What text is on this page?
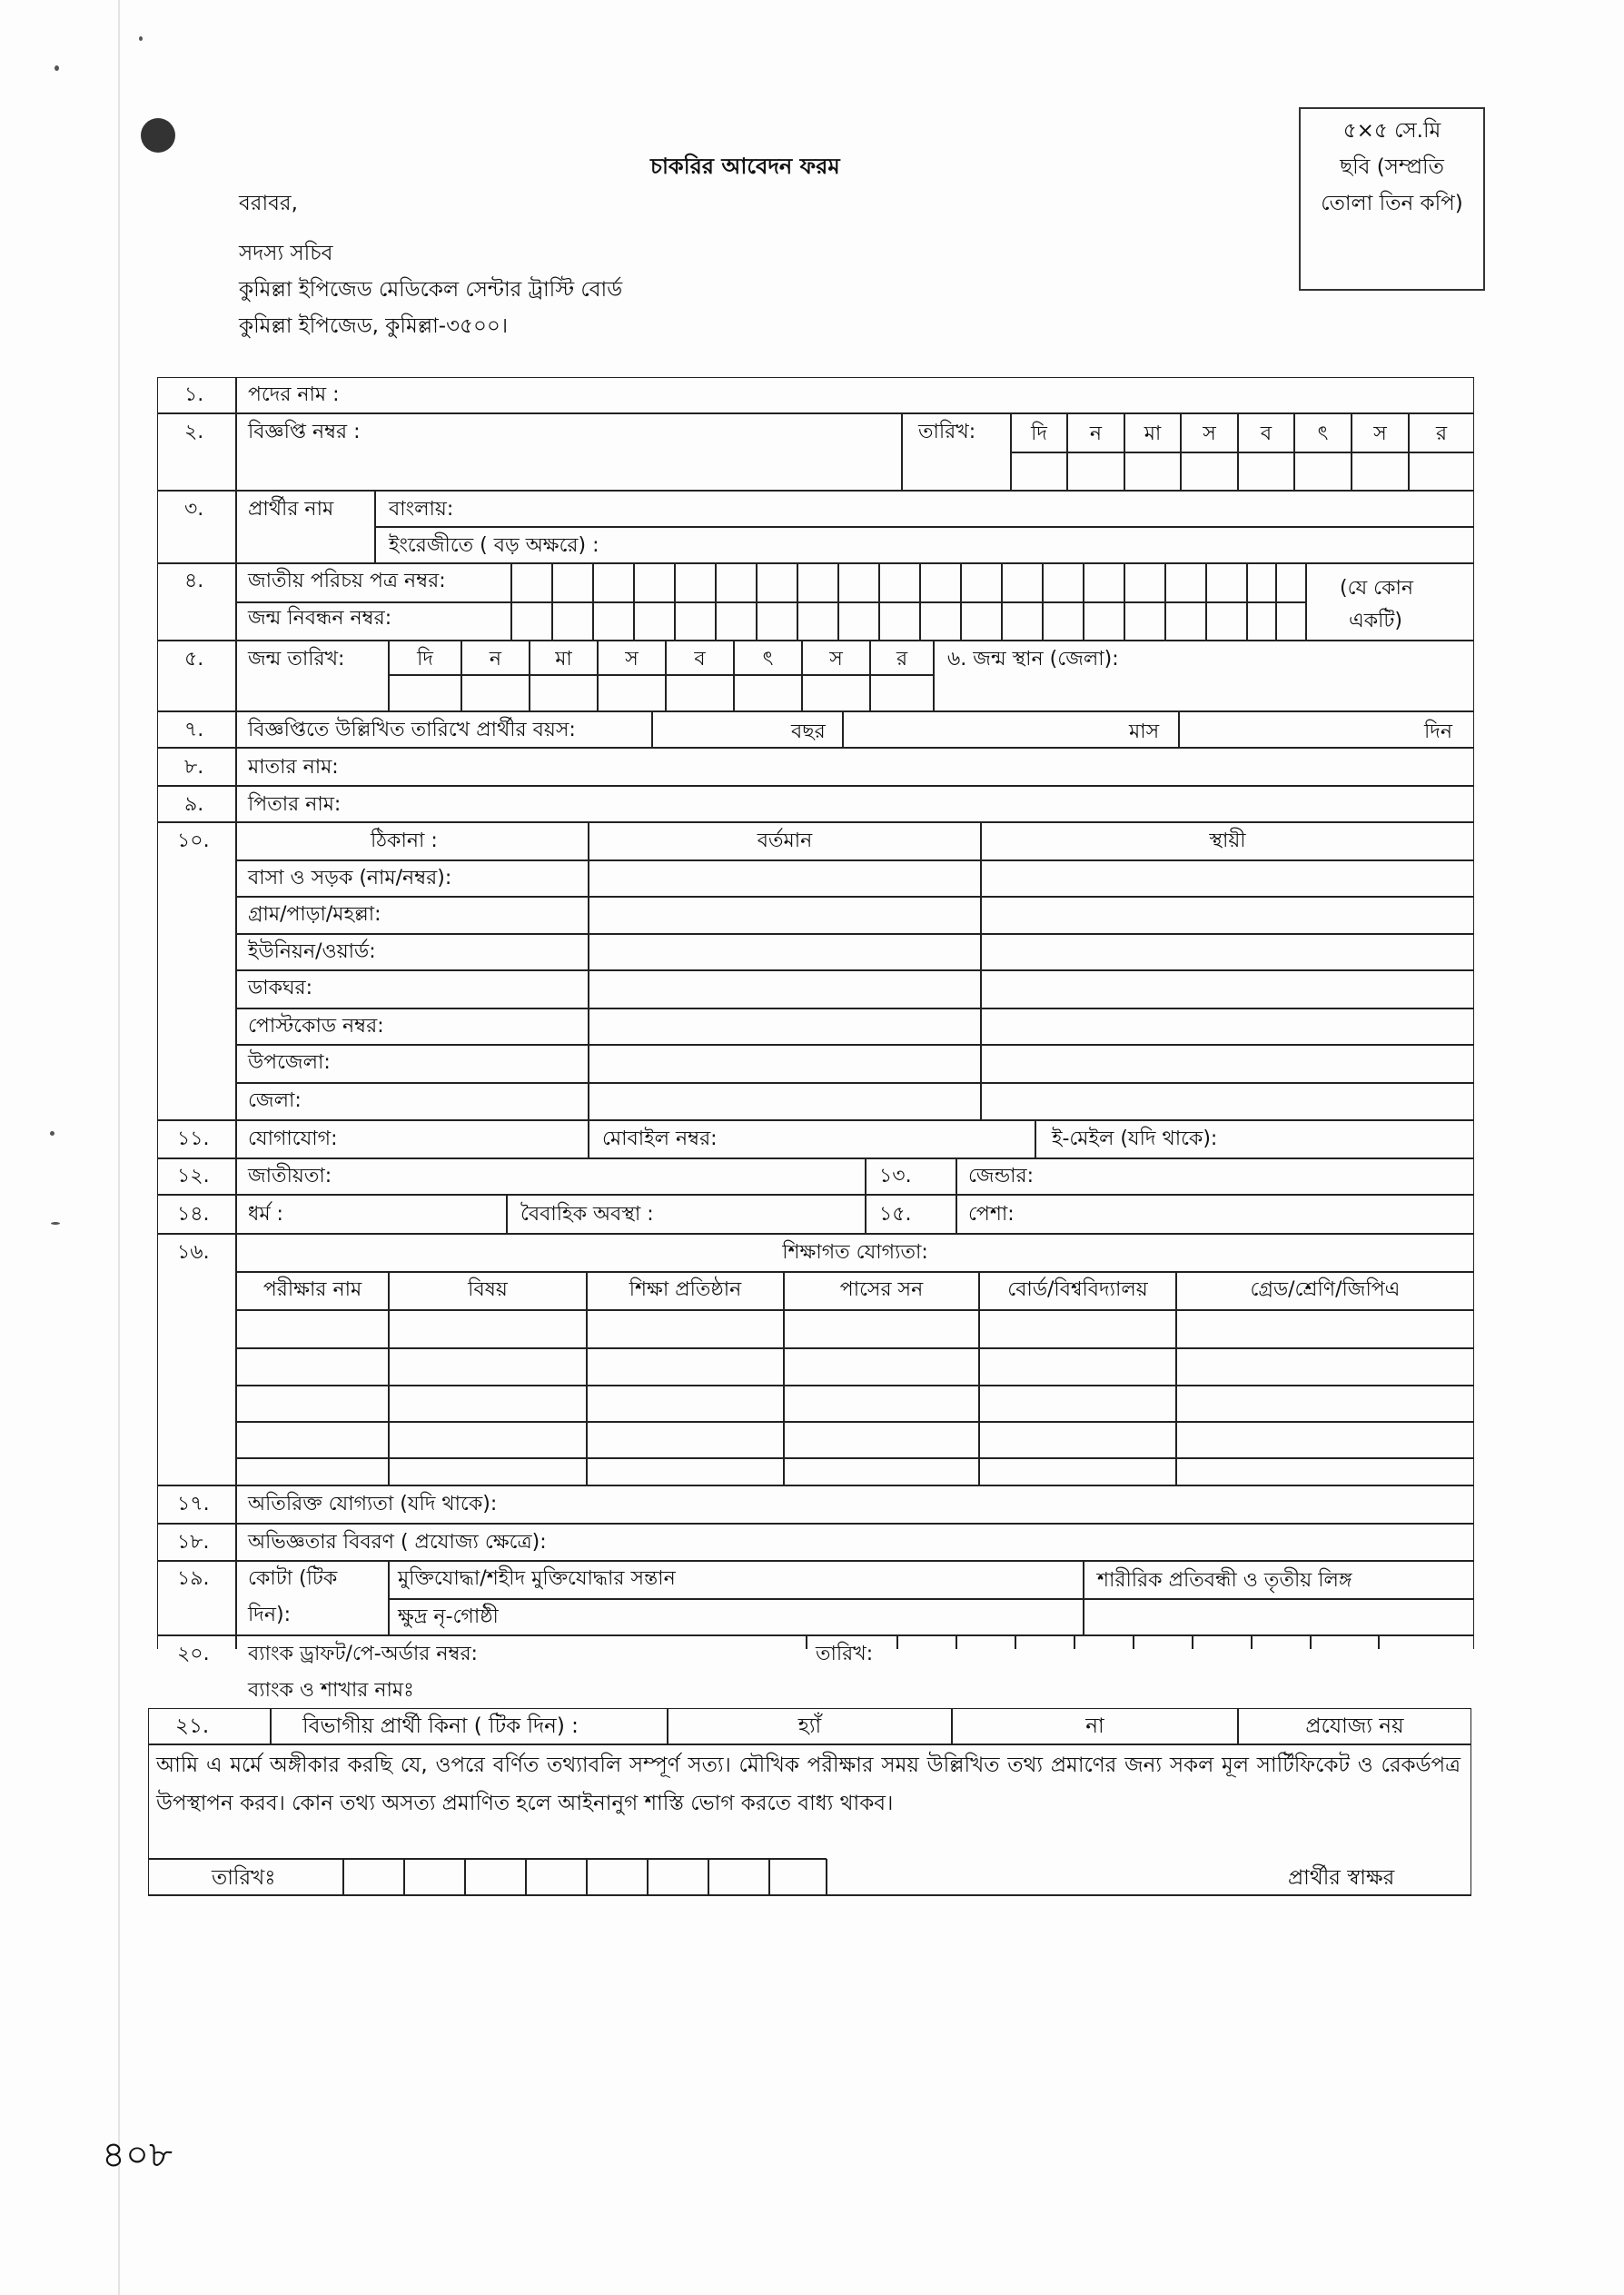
চাকরির আবেদন ফরম
বরাবর,
সদস্য সচিব
কুমিল্লা ইপিজেড মেডিকেল সেন্টার ট্রাস্টি বোর্ড
কুমিল্লা ইপিজেড, কুমিল্লা-৩৫০০।
৫×৫ সে.মি
ছবি (সম্প্রতি
তোলা তিন কপি)
১. পদের নাম :
২. বিজ্ঞপ্তি নম্বর :	তারিখ:	দি	ন	মা	স	ব	ৎ	স	র
৩. প্রার্থীর নাম	বাংলায়:
ইংরেজীতে ( বড় অক্ষরে) :
৪. জাতীয় পরিচয় পত্র নম্বর:
জন্ম নিবন্ধন নম্বর:
(যে কোন
একটি)
৫. জন্ম তারিখ:	দি	ন	মা	স	ব	ৎ	স	র	৬. জন্ম স্থান (জেলা):
৭. বিজ্ঞপ্তিতে উল্লিখিত তারিখে প্রার্থীর বয়স:	বছর	মাস	দিন
৮. মাতার নাম:
৯. পিতার নাম:
১০.	ঠিকানা :	বর্তমান	স্থায়ী
বাসা ও সড়ক (নাম/নম্বর):
গ্রাম/পাড়া/মহল্লা:
ইউনিয়ন/ওয়ার্ড:
ডাকঘর:
পোস্টকোড নম্বর:
উপজেলা:
জেলা:
১১. যোগাযোগ:	মোবাইল নম্বর:	ই-মেইল (যদি থাকে):
১২. জাতীয়তা:	১৩.	জেন্ডার:
১৪. ধর্ম :	বৈবাহিক অবস্থা :	১৫.	পেশা:
১৬.	শিক্ষাগত যোগ্যতা:
পরীক্ষার নাম	বিষয়	শিক্ষা প্রতিষ্ঠান	পাসের সন	বোর্ড/বিশ্ববিদ্যালয়	গ্রেড/শ্রেণি/জিপিএ
১৭. অতিরিক্ত যোগ্যতা (যদি থাকে):
১৮. অভিজ্ঞতার বিবরণ ( প্রযোজ্য ক্ষেত্রে):
১৯. কোটা (টিক
দিন):
মুক্তিযোদ্ধা/শহীদ মুক্তিযোদ্ধার সন্তান	শারীরিক প্রতিবন্ধী ও তৃতীয় লিঙ্গ
ক্ষুদ্র নৃ-গোষ্ঠী
২০. ব্যাংক ড্রাফট/পে-অর্ডার নম্বর:	তারিখ:
ব্যাংক ও শাখার নামঃ
২১.	বিভাগীয় প্রার্থী কিনা ( টিক দিন) :	হ্যাঁ	না	প্রযোজ্য নয়
তারিখঃ	প্রার্থীর স্বাক্ষর
আমি এ মর্মে অঙ্গীকার করছি যে, ওপরে বর্ণিত তথ্যাবলি সম্পূর্ণ সত্য। মৌখিক পরীক্ষার সময় উল্লিখিত তথ্য প্রমাণের জন্য সকল মূল সার্টিফিকেট ও রেকর্ডপত্র উপস্থাপন করব। কোন তথ্য অসত্য প্রমাণিত হলে আইনানুগ শাস্তি ভোগ করতে বাধ্য থাকব।
৪০৮
